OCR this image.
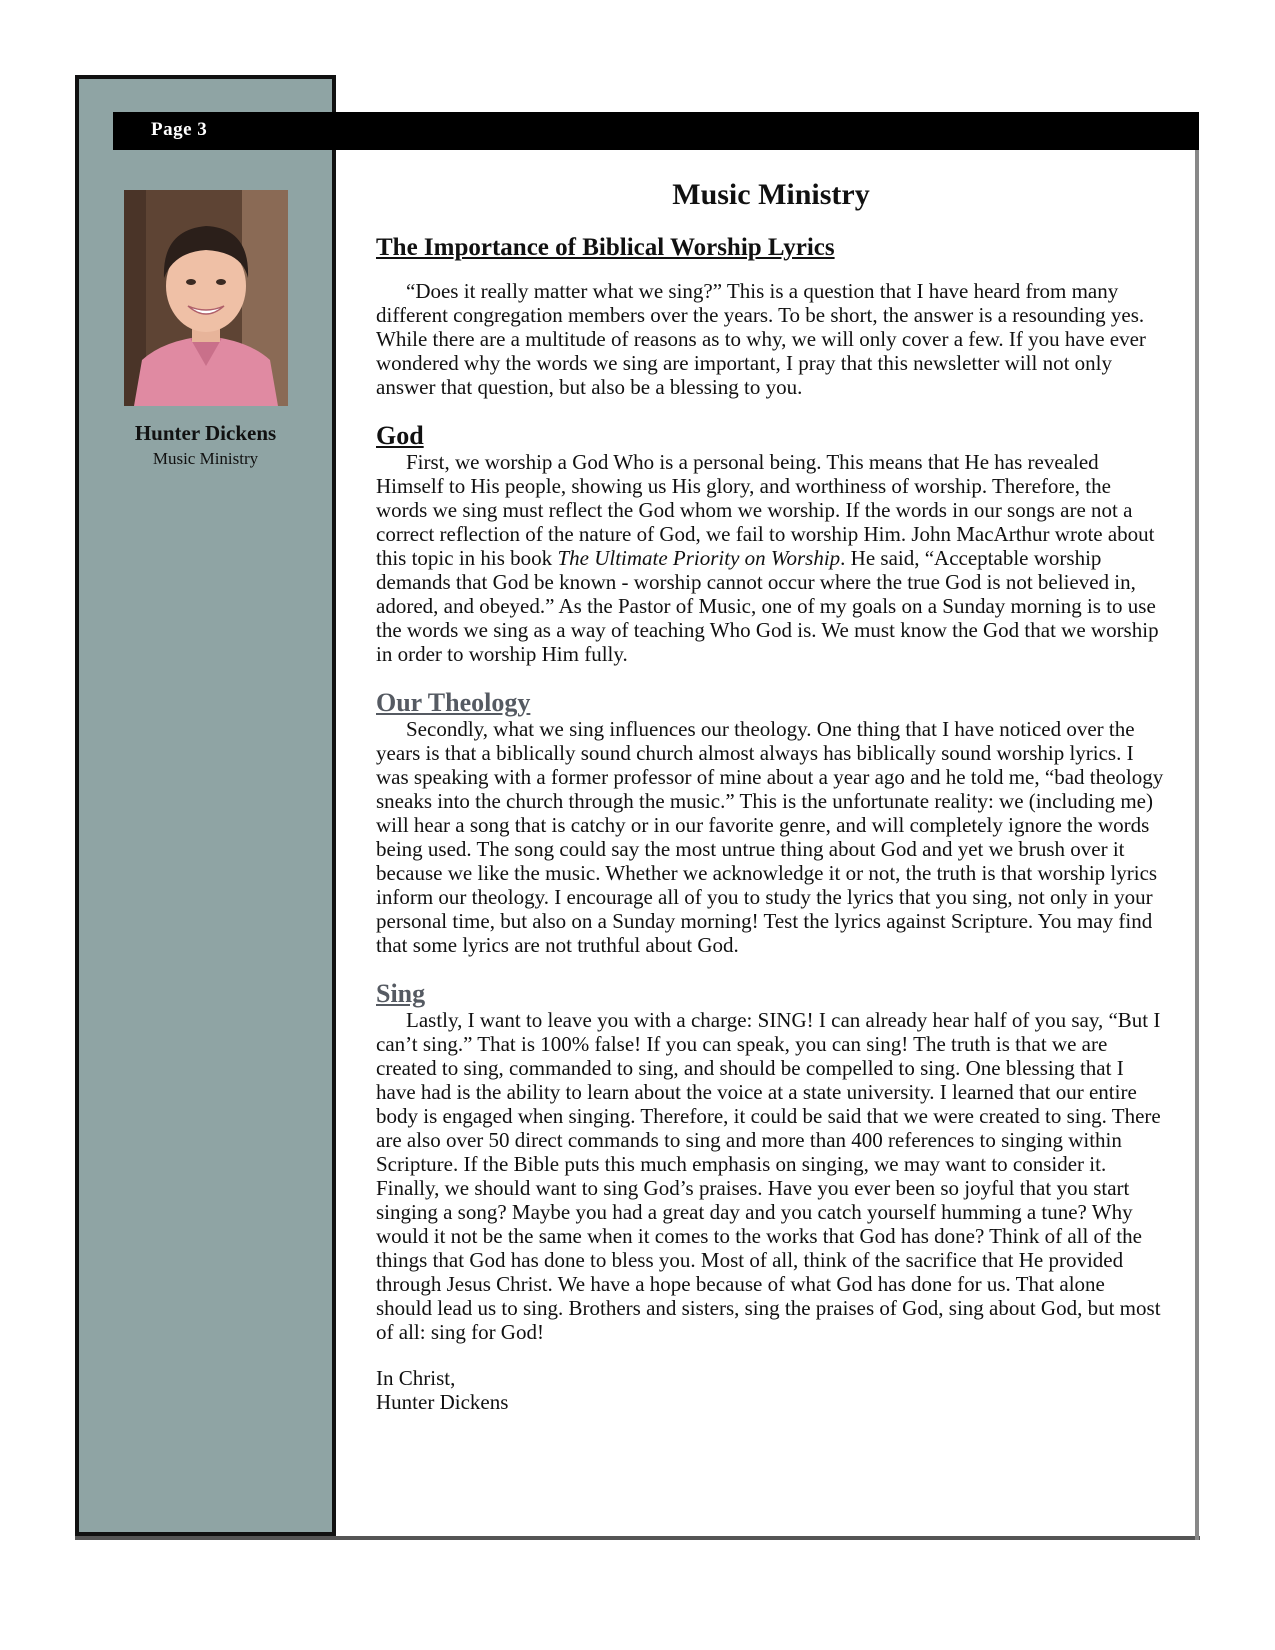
Page 3
Hunter Dickens
Music Ministry
Music Ministry
The Importance of Biblical Worship Lyrics

“Does it really matter what we sing?” This is a question that I have heard from many different congregation members over the years. To be short, the answer is a resounding yes. While there are a multitude of reasons as to why, we will only cover a few. If you have ever wondered why the words we sing are important, I pray that this newsletter will not only answer that question, but also be a blessing to you.

God

First, we worship a God Who is a personal being. This means that He has revealed Himself to His people, showing us His glory, and worthiness of worship. Therefore, the words we sing must reflect the God whom we worship. If the words in our songs are not a correct reflection of the nature of God, we fail to worship Him. John MacArthur wrote about this topic in his book The Ultimate Priority on Worship. He said, “Acceptable worship demands that God be known - worship cannot occur where the true God is not believed in, adored, and obeyed.” As the Pastor of Music, one of my goals on a Sunday morning is to use the words we sing as a way of teaching Who God is. We must know the God that we worship in order to worship Him fully.

Our Theology

Secondly, what we sing influences our theology. One thing that I have noticed over the years is that a biblically sound church almost always has biblically sound worship lyrics. I was speaking with a former professor of mine about a year ago and he told me, “bad theology sneaks into the church through the music.” This is the unfortunate reality: we (including me) will hear a song that is catchy or in our favorite genre, and will completely ignore the words being used. The song could say the most untrue thing about God and yet we brush over it because we like the music. Whether we acknowledge it or not, the truth is that worship lyrics inform our theology. I encourage all of you to study the lyrics that you sing, not only in your personal time, but also on a Sunday morning! Test the lyrics against Scripture. You may find that some lyrics are not truthful about God.

Sing

Lastly, I want to leave you with a charge: SING! I can already hear half of you say, “But I can’t sing.” That is 100% false! If you can speak, you can sing! The truth is that we are created to sing, commanded to sing, and should be compelled to sing. One blessing that I have had is the ability to learn about the voice at a state university. I learned that our entire body is engaged when singing. Therefore, it could be said that we were created to sing. There are also over 50 direct commands to sing and more than 400 references to singing within Scripture. If the Bible puts this much emphasis on singing, we may want to consider it. Finally, we should want to sing God’s praises. Have you ever been so joyful that you start singing a song? Maybe you had a great day and you catch yourself humming a tune? Why would it not be the same when it comes to the works that God has done? Think of all of the things that God has done to bless you. Most of all, think of the sacrifice that He provided through Jesus Christ. We have a hope because of what God has done for us. That alone should lead us to sing. Brothers and sisters, sing the praises of God, sing about God, but most of all: sing for God!

In Christ,

Hunter Dickens
